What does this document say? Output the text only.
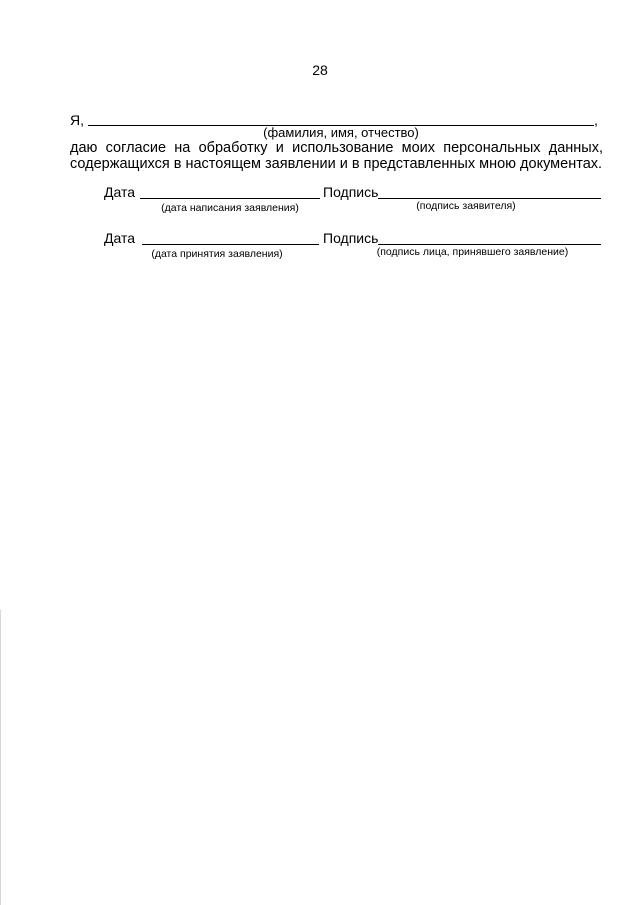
28
Я,	,
(фамилия, имя, отчество)
даю согласие на обработку и использование моих персональных данных,
содержащихся в настоящем заявлении и в представленных мною документах.
Дата
(дата написания заявления)
Подпись
(подпись заявителя)
Дата
(дата принятия заявления)
Подпись
(подпись лица, принявшего заявление)
